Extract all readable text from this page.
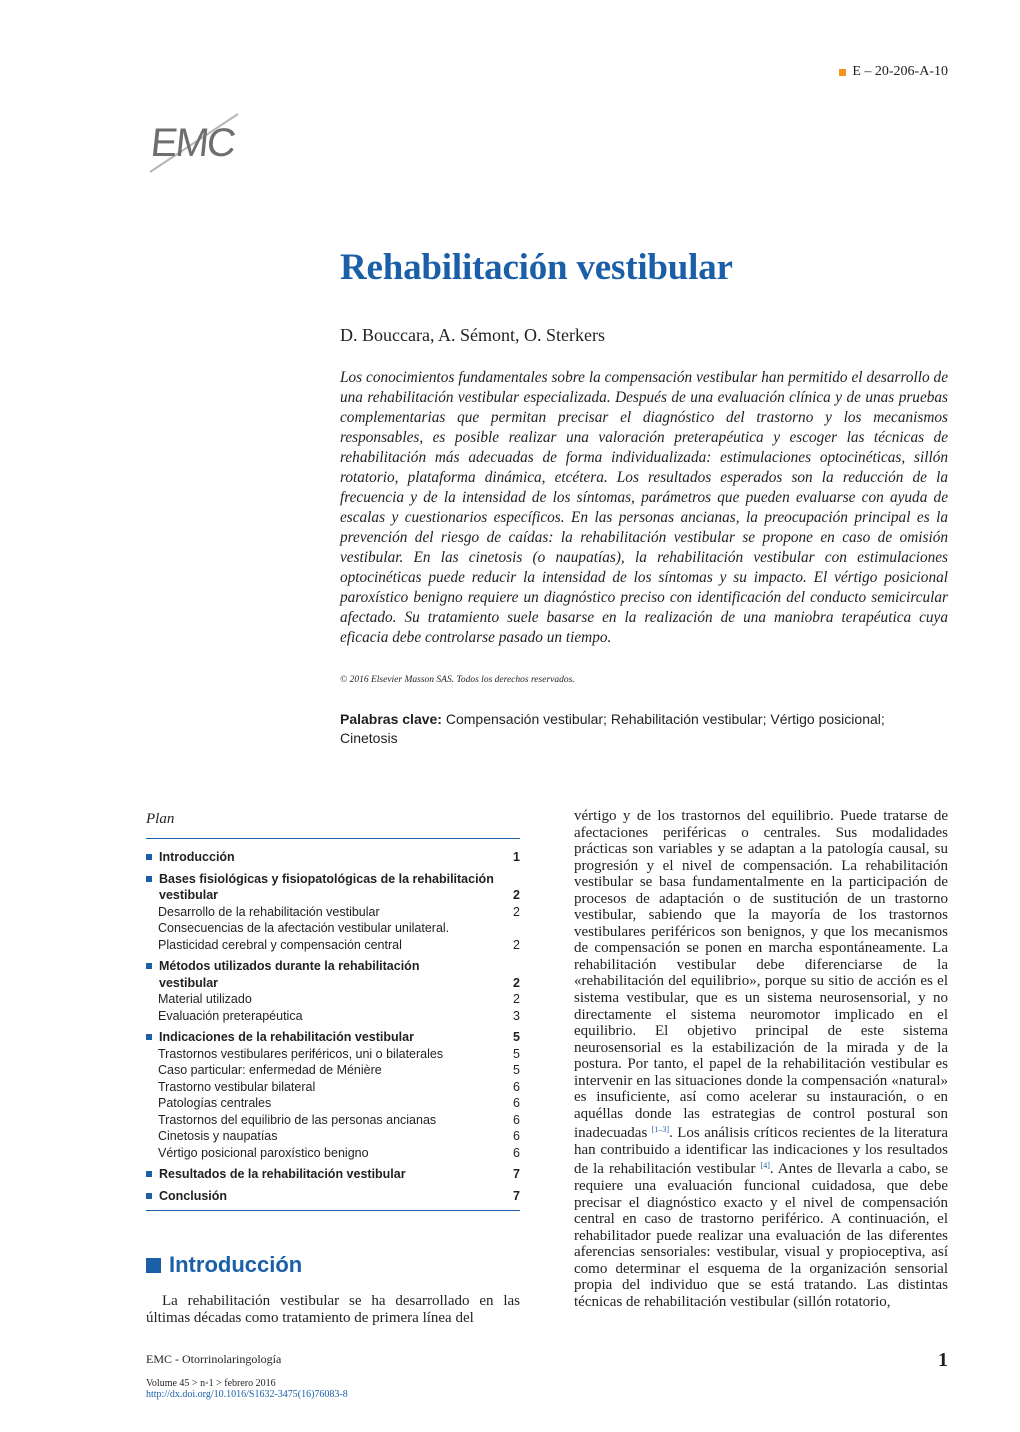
E – 20-206-A-10
EMC
Rehabilitación vestibular
D. Bouccara, A. Sémont, O. Sterkers
Los conocimientos fundamentales sobre la compensación vestibular han permitido el desarrollo de una rehabilitación vestibular especializada. Después de una evaluación clínica y de unas pruebas complementarias que permitan precisar el diagnóstico del trastorno y los mecanismos responsables, es posible realizar una valoración preterapéutica y escoger las técnicas de rehabilitación más adecuadas de forma individualizada: estimulaciones optocinéticas, sillón rotatorio, plataforma dinámica, etcétera. Los resultados esperados son la reducción de la frecuencia y de la intensidad de los síntomas, parámetros que pueden evaluarse con ayuda de escalas y cuestionarios específicos. En las personas ancianas, la preocupación principal es la prevención del riesgo de caídas: la rehabilitación vestibular se propone en caso de omisión vestibular. En las cinetosis (o naupatías), la rehabilitación vestibular con estimulaciones optocinéticas puede reducir la intensidad de los síntomas y su impacto. El vértigo posicional paroxístico benigno requiere un diagnóstico preciso con identificación del conducto semicircular afectado. Su tratamiento suele basarse en la realización de una maniobra terapéutica cuya eficacia debe controlarse pasado un tiempo.
© 2016 Elsevier Masson SAS. Todos los derechos reservados.
Palabras clave: Compensación vestibular; Rehabilitación vestibular; Vértigo posicional; Cinetosis
Plan
Introducción	1
Bases fisiológicas y fisiopatológicas de la rehabilitación vestibular	2
Desarrollo de la rehabilitación vestibular	2
Consecuencias de la afectación vestibular unilateral. Plasticidad cerebral y compensación central	2
Métodos utilizados durante la rehabilitación vestibular	2
Material utilizado	2
Evaluación preterapéutica	3
Indicaciones de la rehabilitación vestibular	5
Trastornos vestibulares periféricos, uni o bilaterales	5
Caso particular: enfermedad de Ménière	5
Trastorno vestibular bilateral	6
Patologías centrales	6
Trastornos del equilibrio de las personas ancianas	6
Cinetosis y naupatías	6
Vértigo posicional paroxístico benigno	6
Resultados de la rehabilitación vestibular	7
Conclusión	7
Introducción
La rehabilitación vestibular se ha desarrollado en las últimas décadas como tratamiento de primera línea del
vértigo y de los trastornos del equilibrio. Puede tratarse de afectaciones periféricas o centrales. Sus modalidades prácticas son variables y se adaptan a la patología causal, su progresión y el nivel de compensación. La rehabilitación vestibular se basa fundamentalmente en la participación de procesos de adaptación o de sustitución de un trastorno vestibular, sabiendo que la mayoría de los trastornos vestibulares periféricos son benignos, y que los mecanismos de compensación se ponen en marcha espontáneamente. La rehabilitación vestibular debe diferenciarse de la «rehabilitación del equilibrio», porque su sitio de acción es el sistema vestibular, que es un sistema neurosensorial, y no directamente el sistema neuromotor implicado en el equilibrio. El objetivo principal de este sistema neurosensorial es la estabilización de la mirada y de la postura. Por tanto, el papel de la rehabilitación vestibular es intervenir en las situaciones donde la compensación «natural» es insuficiente, así como acelerar su instauración, o en aquéllas donde las estrategias de control postural son inadecuadas [1–3]. Los análisis críticos recientes de la literatura han contribuido a identificar las indicaciones y los resultados de la rehabilitación vestibular [4]. Antes de llevarla a cabo, se requiere una evaluación funcional cuidadosa, que debe precisar el diagnóstico exacto y el nivel de compensación central en caso de trastorno periférico. A continuación, el rehabilitador puede realizar una evaluación de las diferentes aferencias sensoriales: vestibular, visual y propioceptiva, así como determinar el esquema de la organización sensorial propia del individuo que se está tratando. Las distintas técnicas de rehabilitación vestibular (sillón rotatorio,
EMC - Otorrinolaringología	1
Volume 45 > n◦1 > febrero 2016
http://dx.doi.org/10.1016/S1632-3475(16)76083-8
